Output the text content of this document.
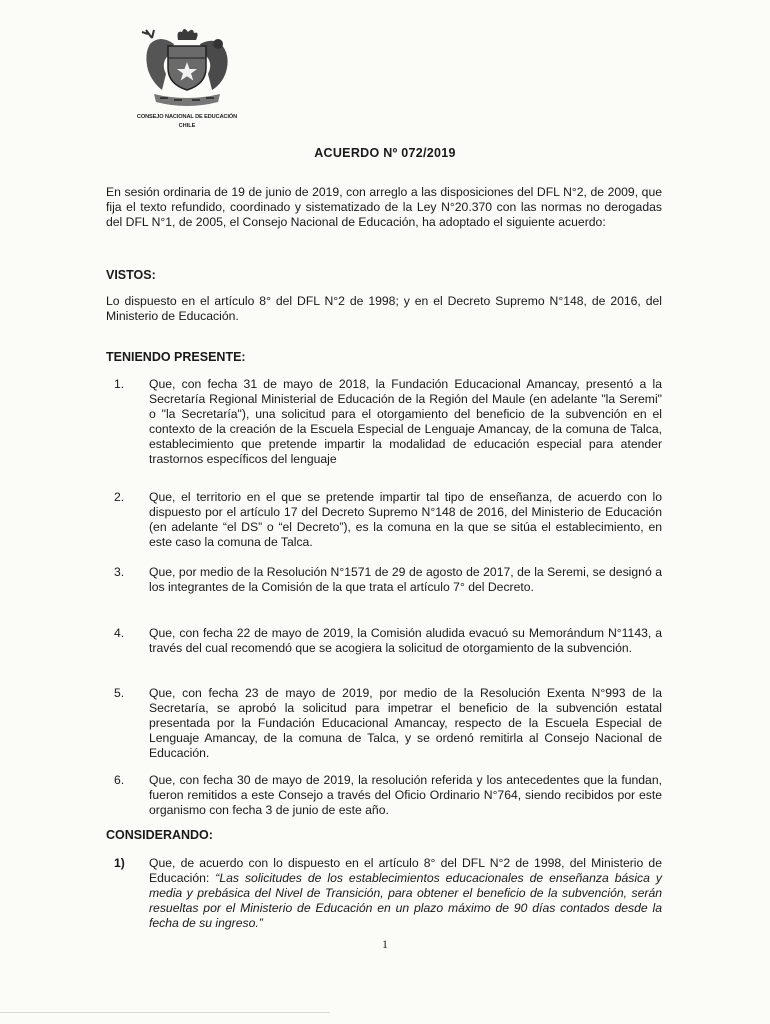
CONSEJO NACIONAL DE EDUCACIÓN
CHILE
ACUERDO Nº 072/2019

En sesión ordinaria de 19 de junio de 2019, con arreglo a las disposiciones del DFL N°2, de 2009, que fija el texto refundido, coordinado y sistematizado de la Ley N°20.370 con las normas no derogadas del DFL N°1, de 2005, el Consejo Nacional de Educación, ha adoptado el siguiente acuerdo:

VISTOS:

Lo dispuesto en el artículo 8° del DFL N°2 de 1998; y en el Decreto Supremo N°148, de 2016, del Ministerio de Educación.

TENIENDO PRESENTE:

1. Que, con fecha 31 de mayo de 2018, la Fundación Educacional Amancay, presentó a la Secretaría Regional Ministerial de Educación de la Región del Maule (en adelante "la Seremi" o "la Secretaría"), una solicitud para el otorgamiento del beneficio de la subvención en el contexto de la creación de la Escuela Especial de Lenguaje Amancay, de la comuna de Talca, establecimiento que pretende impartir la modalidad de educación especial para atender trastornos específicos del lenguaje

2. Que, el territorio en el que se pretende impartir tal tipo de enseñanza, de acuerdo con lo dispuesto por el artículo 17 del Decreto Supremo N°148 de 2016, del Ministerio de Educación (en adelante “el DS” o “el Decreto”), es la comuna en la que se sitúa el establecimiento, en este caso la comuna de Talca.

3. Que, por medio de la Resolución N°1571 de 29 de agosto de 2017, de la Seremi, se designó a los integrantes de la Comisión de la que trata el artículo 7° del Decreto.

4. Que, con fecha 22 de mayo de 2019, la Comisión aludida evacuó su Memorándum N°1143, a través del cual recomendó que se acogiera la solicitud de otorgamiento de la subvención.

5. Que, con fecha 23 de mayo de 2019, por medio de la Resolución Exenta N°993 de la Secretaría, se aprobó la solicitud para impetrar el beneficio de la subvención estatal presentada por la Fundación Educacional Amancay, respecto de la Escuela Especial de Lenguaje Amancay, de la comuna de Talca, y se ordenó remitirla al Consejo Nacional de Educación.

6. Que, con fecha 30 de mayo de 2019, la resolución referida y los antecedentes que la fundan, fueron remitidos a este Consejo a través del Oficio Ordinario N°764, siendo recibidos por este organismo con fecha 3 de junio de este año.

CONSIDERANDO:

1) Que, de acuerdo con lo dispuesto en el artículo 8° del DFL N°2 de 1998, del Ministerio de Educación: “Las solicitudes de los establecimientos educacionales de enseñanza básica y media y prebásica del Nivel de Transición, para obtener el beneficio de la subvención, serán resueltas por el Ministerio de Educación en un plazo máximo de 90 días contados desde la fecha de su ingreso.”

1
